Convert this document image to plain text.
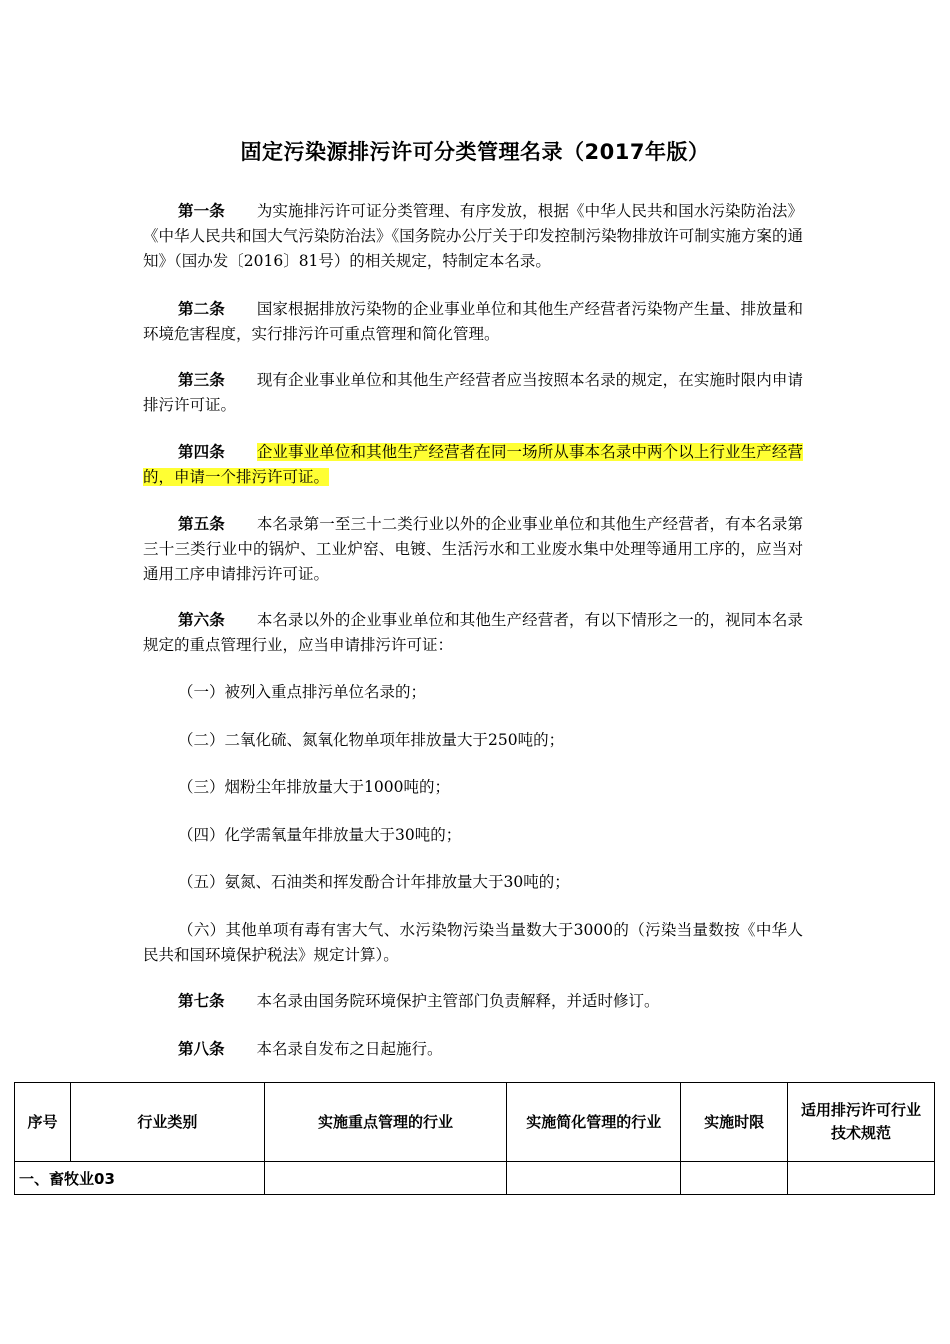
固定污染源排污许可分类管理名录（2017年版）
第一条 为实施排污许可证分类管理、有序发放，根据《中华人民共和国水污染防治法》《中华人民共和国大气污染防治法》《国务院办公厅关于印发控制污染物排放许可制实施方案的通知》（国办发〔2016〕81号）的相关规定，特制定本名录。
第二条 国家根据排放污染物的企业事业单位和其他生产经营者污染物产生量、排放量和环境危害程度，实行排污许可重点管理和简化管理。
第三条 现有企业事业单位和其他生产经营者应当按照本名录的规定，在实施时限内申请排污许可证。
第四条 企业事业单位和其他生产经营者在同一场所从事本名录中两个以上行业生产经营的，申请一个排污许可证。
第五条 本名录第一至三十二类行业以外的企业事业单位和其他生产经营者，有本名录第三十三类行业中的锅炉、工业炉窑、电镀、生活污水和工业废水集中处理等通用工序的，应当对通用工序申请排污许可证。
第六条 本名录以外的企业事业单位和其他生产经营者，有以下情形之一的，视同本名录规定的重点管理行业，应当申请排污许可证：
（一）被列入重点排污单位名录的；
（二）二氧化硫、氮氧化物单项年排放量大于250吨的；
（三）烟粉尘年排放量大于1000吨的；
（四）化学需氧量年排放量大于30吨的；
（五）氨氮、石油类和挥发酚合计年排放量大于30吨的；
（六）其他单项有毒有害大气、水污染物污染当量数大于3000的（污染当量数按《中华人民共和国环境保护税法》规定计算）。
第七条 本名录由国务院环境保护主管部门负责解释，并适时修订。
第八条 本名录自发布之日起施行。
序号	行业类别	实施重点管理的行业	实施简化管理的行业	实施时限	适用排污许可行业技术规范
一、畜牧业03					
